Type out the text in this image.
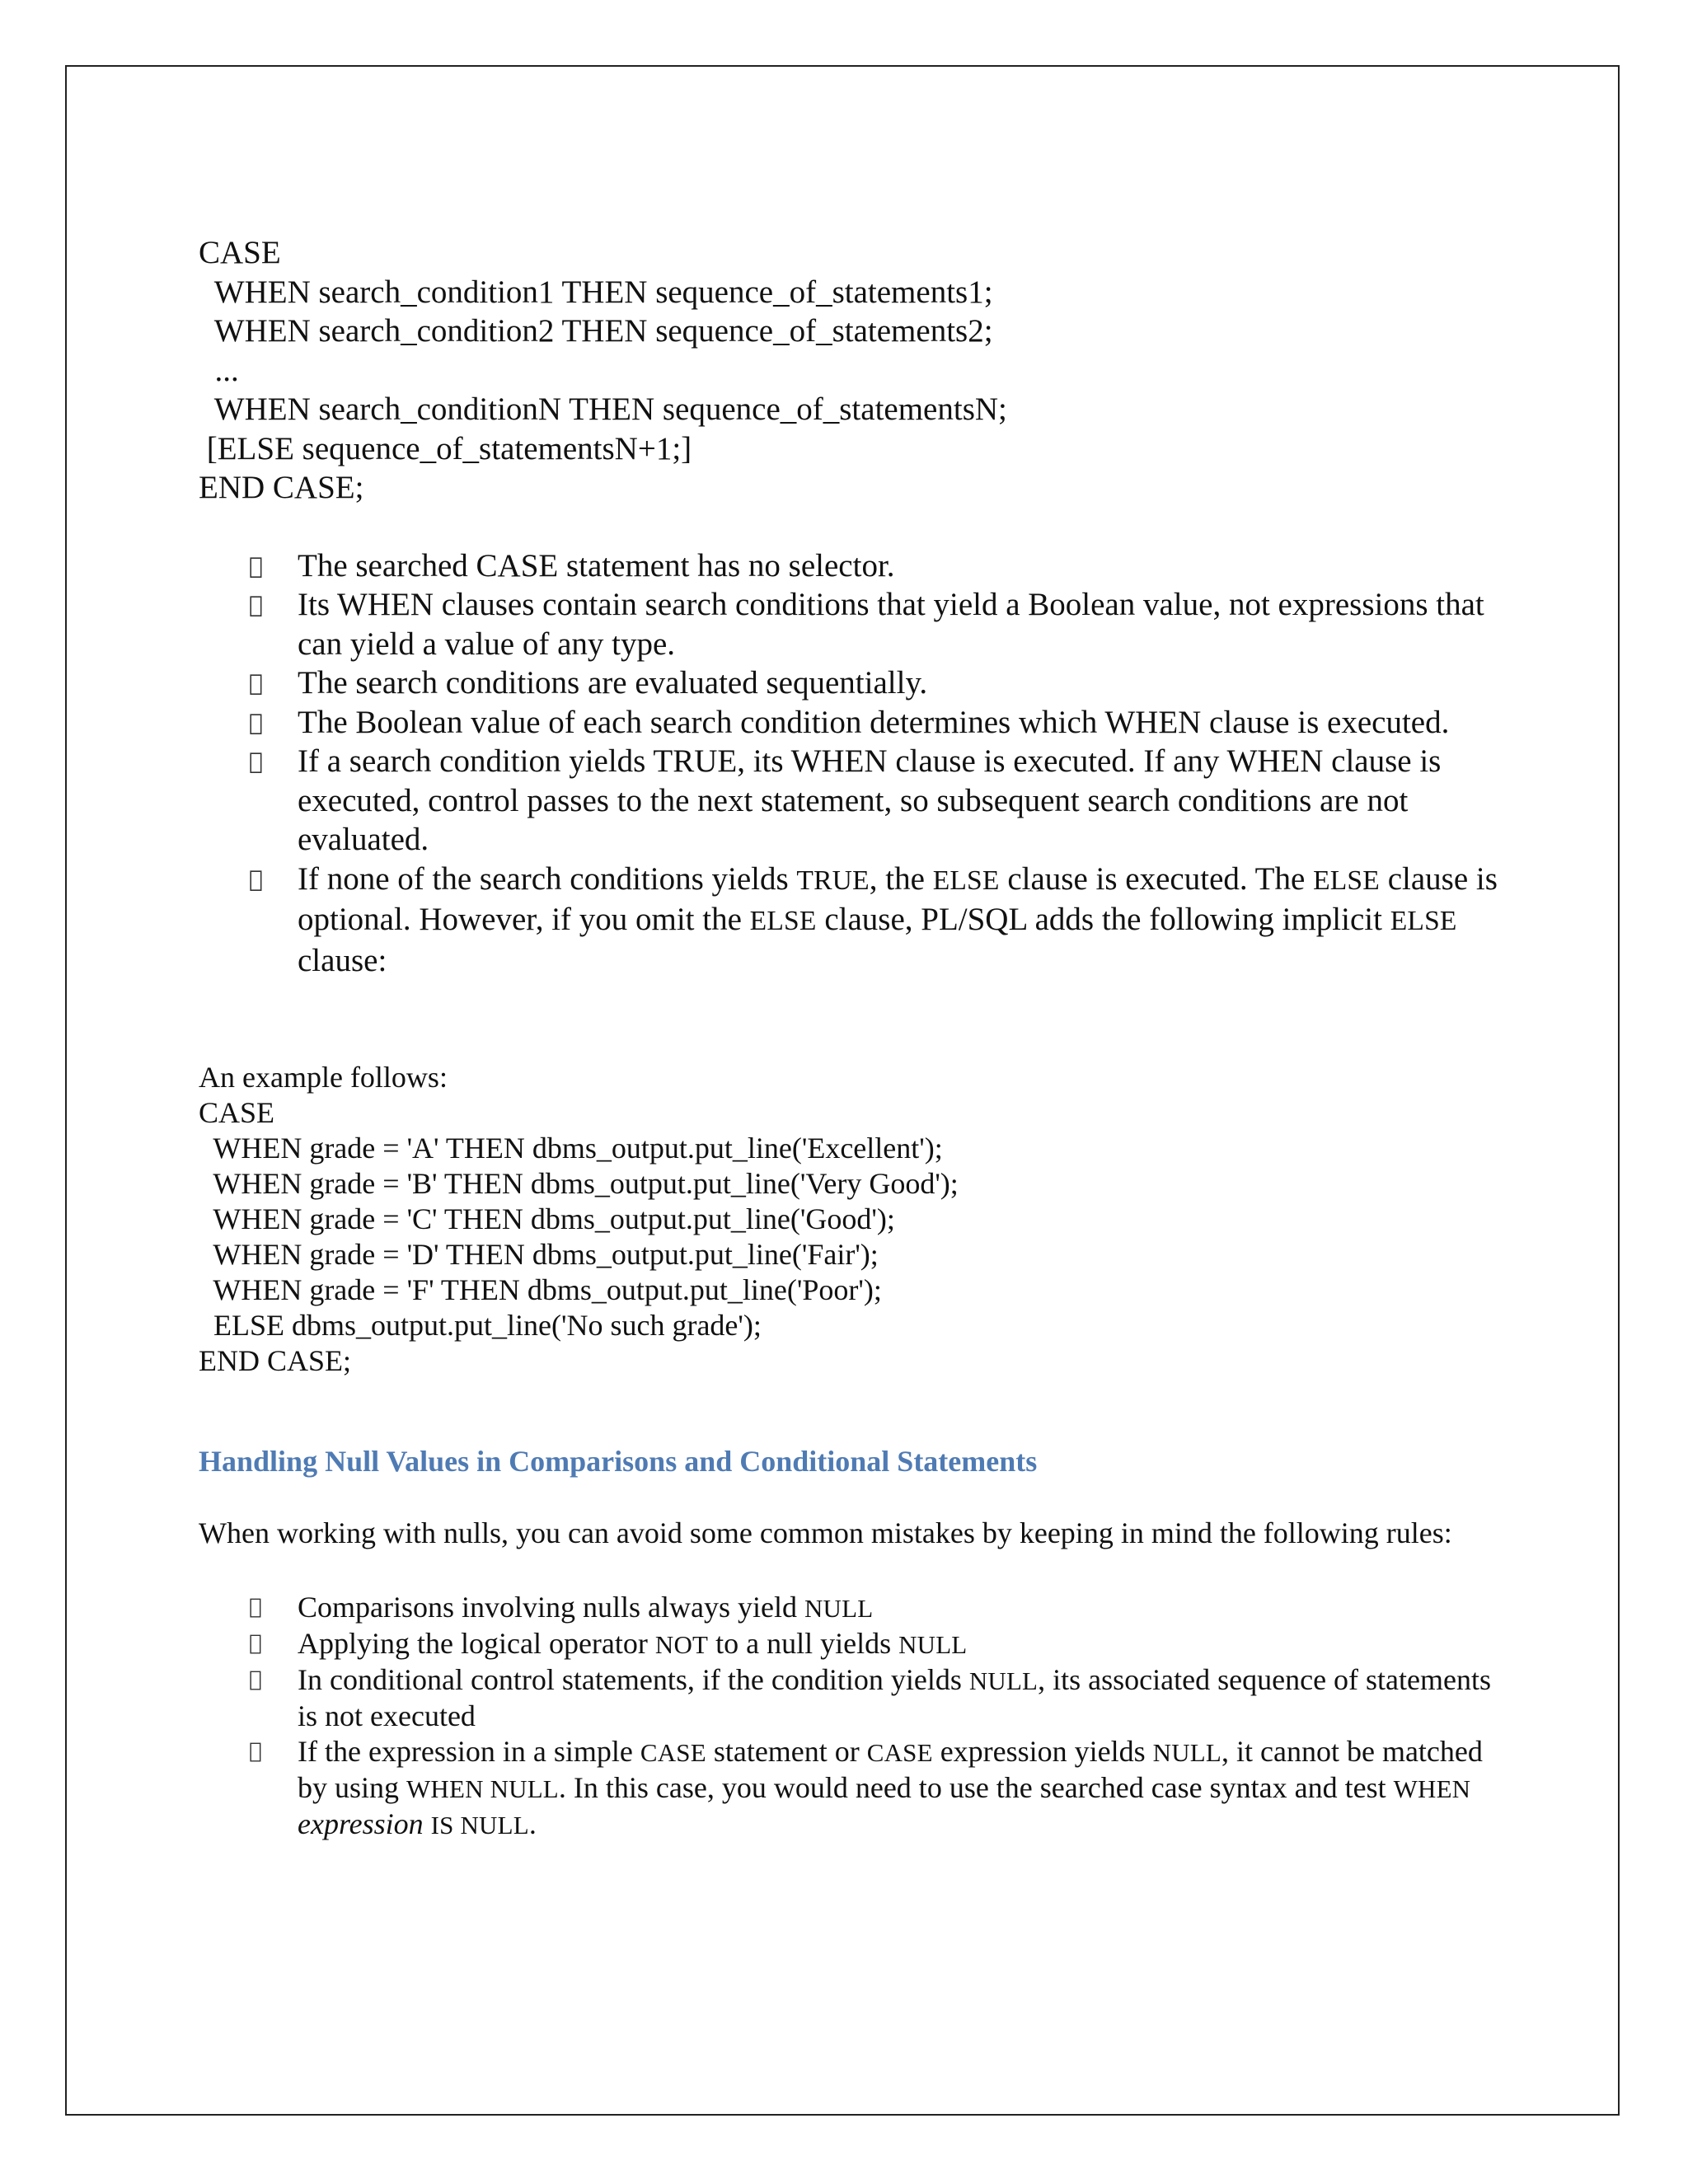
CASE
WHEN search_condition1 THEN sequence_of_statements1;
WHEN search_condition2 THEN sequence_of_statements2;
...
WHEN search_conditionN THEN sequence_of_statementsN;
[ELSE sequence_of_statementsN+1;]
END CASE;
The searched CASE statement has no selector.
Its WHEN clauses contain search conditions that yield a Boolean value, not expressions that can yield a value of any type.
The search conditions are evaluated sequentially.
The Boolean value of each search condition determines which WHEN clause is executed.
If a search condition yields TRUE, its WHEN clause is executed. If any WHEN clause is executed, control passes to the next statement, so subsequent search conditions are not evaluated.
If none of the search conditions yields TRUE, the ELSE clause is executed. The ELSE clause is optional. However, if you omit the ELSE clause, PL/SQL adds the following implicit ELSE clause:
An example follows:
CASE
WHEN grade = 'A' THEN dbms_output.put_line('Excellent');
WHEN grade = 'B' THEN dbms_output.put_line('Very Good');
WHEN grade = 'C' THEN dbms_output.put_line('Good');
WHEN grade = 'D' THEN dbms_output.put_line('Fair');
WHEN grade = 'F' THEN dbms_output.put_line('Poor');
ELSE dbms_output.put_line('No such grade');
END CASE;
Handling Null Values in Comparisons and Conditional Statements
When working with nulls, you can avoid some common mistakes by keeping in mind the following rules:
Comparisons involving nulls always yield NULL
Applying the logical operator NOT to a null yields NULL
In conditional control statements, if the condition yields NULL, its associated sequence of statements is not executed
If the expression in a simple CASE statement or CASE expression yields NULL, it cannot be matched by using WHEN NULL. In this case, you would need to use the searched case syntax and test WHEN expression IS NULL.
